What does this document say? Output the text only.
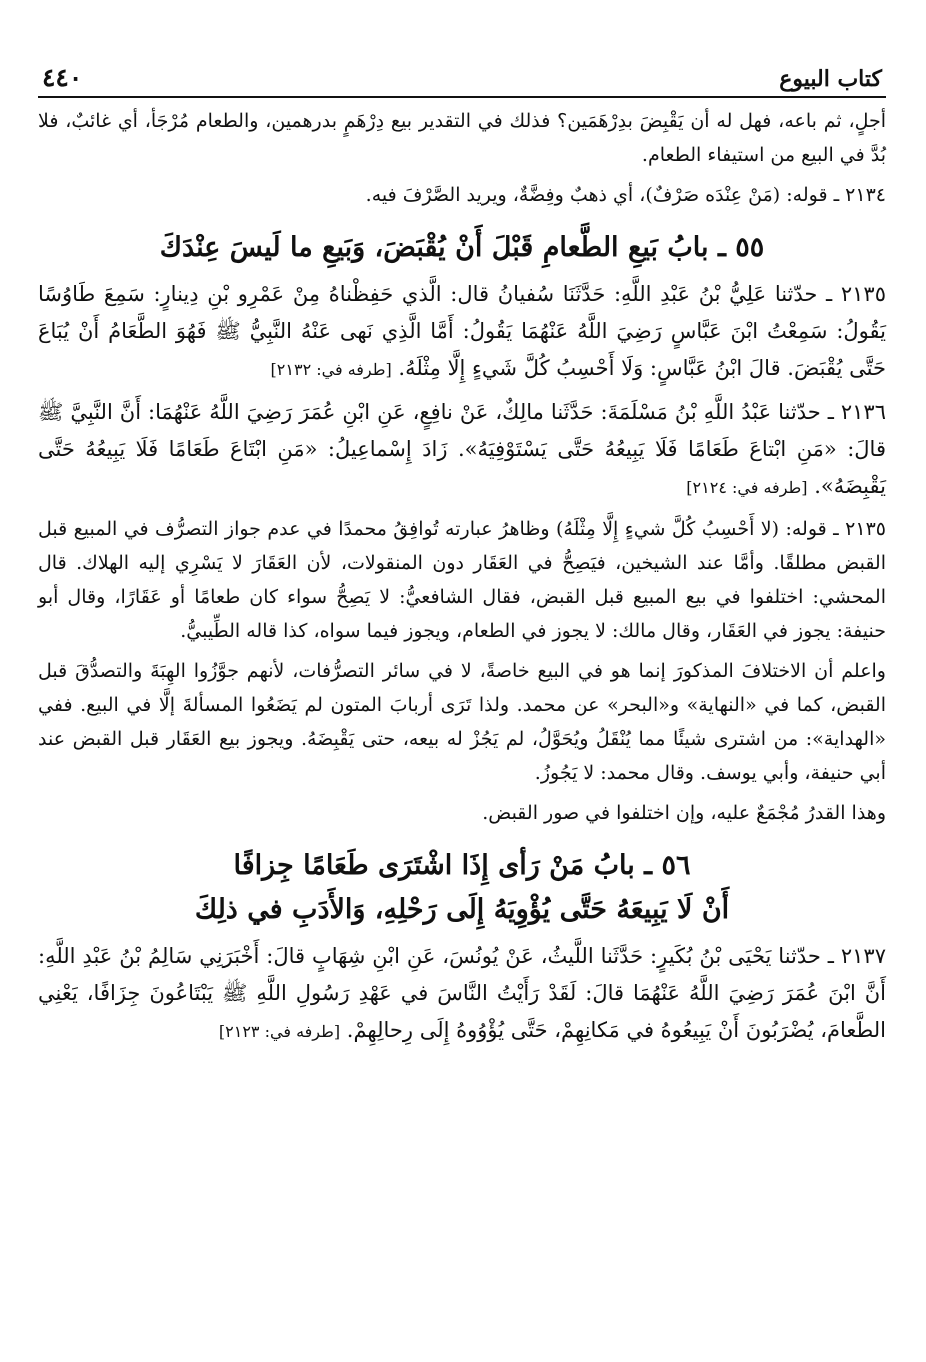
كتاب البيوع
٤٤٠

أجلٍ، ثم باعه، فهل له أن يَقْبِضَ بدِرْهَمَين؟ فذلك في التقدير بيع دِرْهَمٍ بدرهمين، والطعام مُرْجَأ، أي غائبٌ، فلا بُدَّ في البيع من استيفاء الطعام.

٢١٣٤ ـ قوله: (مَنْ عِنْدَه صَرْفٌ)، أي ذهبٌ وفِضَّةٌ، ويريد الصَّرْفَ فيه.

٥٥ ـ بابُ بَيعِ الطَّعامِ قَبْلَ أَنْ يُقْبَضَ، وَبَيعِ ما لَيسَ عِنْدَكَ

٢١٣٥ ـ حدّثنا عَلِيُّ بْنُ عَبْدِ اللَّهِ: حَدَّثَنَا سُفيانُ قال: الَّذي حَفِظْناهُ مِنْ عَمْرِو بْنِ دِينارٍ: سَمِعَ طَاوُسًا يَقُولُ: سَمِعْتُ ابْنَ عَبَّاسٍ رَضِيَ اللَّهُ عَنْهُمَا يَقُولُ: أَمَّا الَّذِي نَهى عَنْهُ النَّبِيُّ ﷺ فَهُوَ الطَّعَامُ أَنْ يُبَاعَ حَتَّى يُقْبَضَ. قالَ ابْنُ عَبَّاسٍ: وَلَا أَحْسِبُ كُلَّ شَيءٍ إِلَّا مِثْلَهُ. [طرفه في: ٢١٣٢]

٢١٣٦ ـ حدّثنا عَبْدُ اللَّهِ بْنُ مَسْلَمَةَ: حَدَّثَنا مالِكٌ، عَنْ نافِعٍ، عَنِ ابْنِ عُمَرَ رَضِيَ اللَّهُ عَنْهُمَا: أَنَّ النَّبِيَّ ﷺ قالَ: «مَنِ ابْتاعَ طَعَامًا فَلَا يَبِيعُهُ حَتَّى يَسْتَوْفِيَهُ». زَادَ إِسْماعِيلُ: «مَنِ ابْتَاعَ طَعَامًا فَلَا يَبِيعُهُ حَتَّى يَقْبِضَهُ». [طرفه في: ٢١٢٤]

٢١٣٥ ـ قوله: (لا أَحْسِبُ كُلَّ شيءٍ إِلَّا مِثْلَهُ) وظاهرُ عبارته تُوافِقُ محمدًا في عدم جواز التصرُّف في المبيع قبل القبض مطلقًا. وأمَّا عند الشيخين، فيَصِحُّ في العَقَار دون المنقولات، لأن العَقَارَ لا يَسْرِي إليه الهلاك. قال المحشي: اختلفوا في بيع المبيع قبل القبض، فقال الشافعيُّ: لا يَصِحُّ سواء كان طعامًا أو عَقَارًا، وقال أبو حنيفة: يجوز في العَقَار، وقال مالك: لا يجوز في الطعام، ويجوز فيما سواه، كذا قاله الطِّيبيُّ.

واعلم أن الاختلافَ المذكورَ إنما هو في البيع خاصةً، لا في سائر التصرُّفات، لأنهم جوَّزُوا الهِبَةَ والتصدُّقَ قبل القبض، كما في «النهاية» و«البحر» عن محمد. ولذا تَرَى أربابَ المتون لم يَضَعُوا المسألةَ إلَّا في البيع. ففي «الهداية»: من اشترى شيئًا مما يُنْقَلُ ويُحَوَّلُ، لم يَجُزْ له بيعه، حتى يَقْبِضَهُ. ويجوز بيع العَقَار قبل القبض عند أبي حنيفة، وأبي يوسف. وقال محمد: لا يَجُوزُ.

وهذا القدرُ مُجْمَعٌ عليه، وإن اختلفوا في صور القبض.

٥٦ ـ بابُ مَنْ رَأى إِذَا اشْتَرَى طَعَامًا جِزافًا

أَنْ لَا يَبِيعَهُ حَتَّى يُؤْوِيَهُ إِلَى رَحْلِهِ، وَالأَدَبِ في ذلِكَ

٢١٣٧ ـ حدّثنا يَحْيَى بْنُ بُكَيرٍ: حَدَّثَنا اللَّيثُ، عَنْ يُونُسَ، عَنِ ابْنِ شِهَابٍ قالَ: أَخْبَرَنِي سَالِمُ بْنُ عَبْدِ اللَّهِ: أَنَّ ابْنَ عُمَرَ رَضِيَ اللَّهُ عَنْهُمَا قالَ: لَقَدْ رَأَيْتُ النَّاسَ في عَهْدِ رَسُولِ اللَّهِ ﷺ يَبْتَاعُونَ جِزَافًا، يَعْنِي الطَّعامَ، يُضْرَبُونَ أَنْ يَبِيعُوهُ في مَكانِهِمْ، حَتَّى يُؤْوُوهُ إِلَى رِحالِهِمْ. [طرفه في: ٢١٢٣]
